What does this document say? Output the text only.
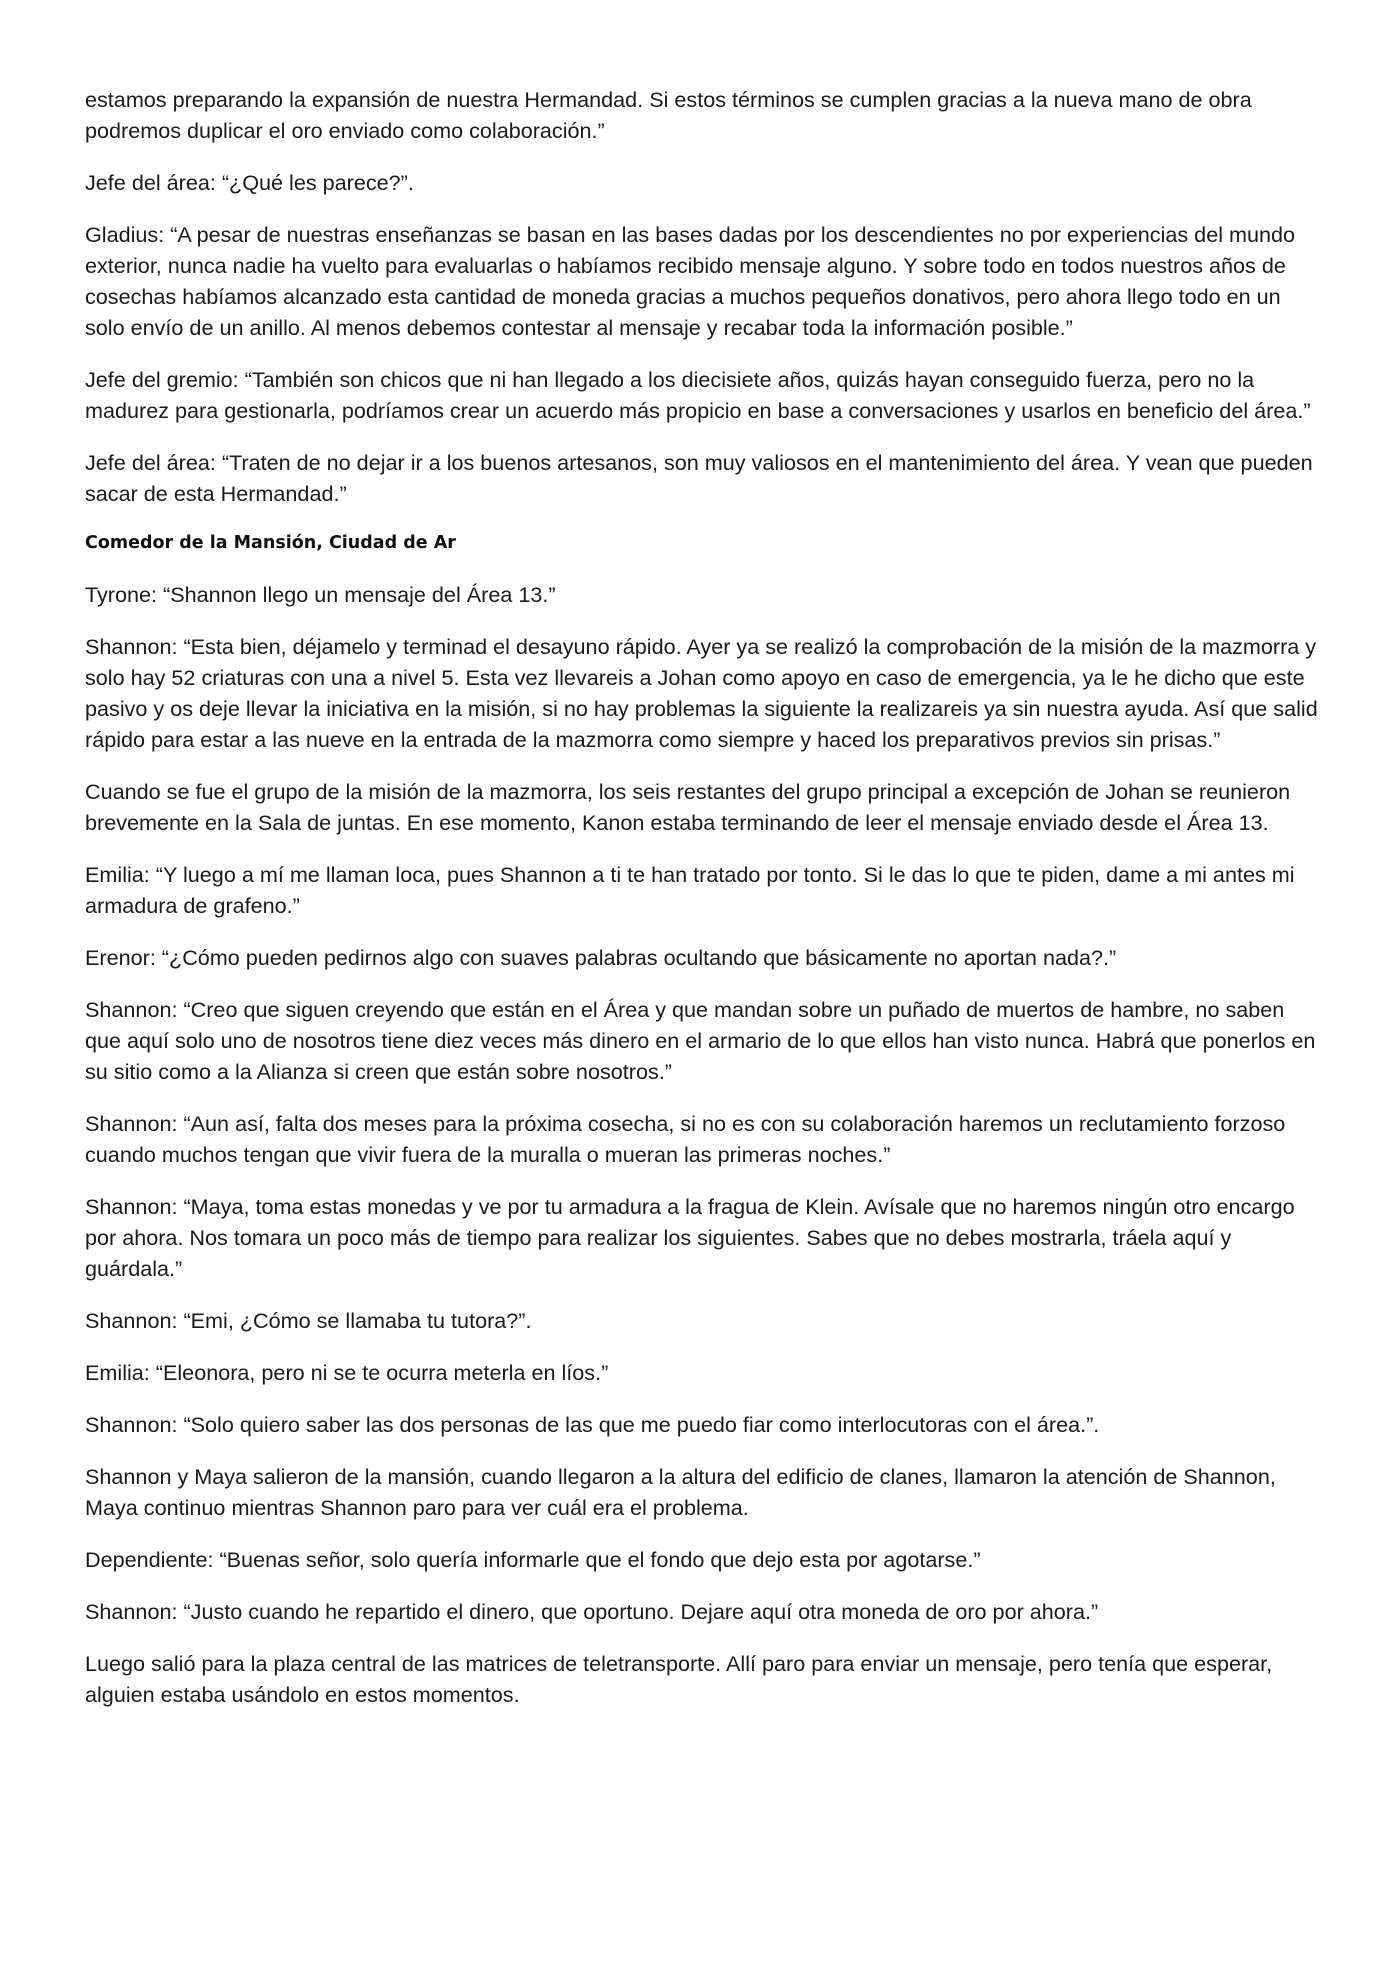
estamos preparando la expansión de nuestra Hermandad. Si estos términos se cumplen gracias a la nueva mano de obra podremos duplicar el oro enviado como colaboración.”

Jefe del área: “¿Qué les parece?”.

Gladius: “A pesar de nuestras enseñanzas se basan en las bases dadas por los descendientes no por experiencias del mundo exterior, nunca nadie ha vuelto para evaluarlas o habíamos recibido mensaje alguno. Y sobre todo en todos nuestros años de cosechas habíamos alcanzado esta cantidad de moneda gracias a muchos pequeños donativos, pero ahora llego todo en un solo envío de un anillo. Al menos debemos contestar al mensaje y recabar toda la información posible.”

Jefe del gremio: “También son chicos que ni han llegado a los diecisiete años, quizás hayan conseguido fuerza, pero no la madurez para gestionarla, podríamos crear un acuerdo más propicio en base a conversaciones y usarlos en beneficio del área.”

Jefe del área: “Traten de no dejar ir a los buenos artesanos, son muy valiosos en el mantenimiento del área. Y vean que pueden sacar de esta Hermandad.”

Comedor de la Mansión, Ciudad de Ar

Tyrone: “Shannon llego un mensaje del Área 13.”

Shannon: “Esta bien, déjamelo y terminad el desayuno rápido. Ayer ya se realizó la comprobación de la misión de la mazmorra y solo hay 52 criaturas con una a nivel 5. Esta vez llevareis a Johan como apoyo en caso de emergencia, ya le he dicho que este pasivo y os deje llevar la iniciativa en la misión, si no hay problemas la siguiente la realizareis ya sin nuestra ayuda. Así que salid rápido para estar a las nueve en la entrada de la mazmorra como siempre y haced los preparativos previos sin prisas.”

Cuando se fue el grupo de la misión de la mazmorra, los seis restantes del grupo principal a excepción de Johan se reunieron brevemente en la Sala de juntas. En ese momento, Kanon estaba terminando de leer el mensaje enviado desde el Área 13.

Emilia: “Y luego a mí me llaman loca, pues Shannon a ti te han tratado por tonto. Si le das lo que te piden, dame a mi antes mi armadura de grafeno.”

Erenor: “¿Cómo pueden pedirnos algo con suaves palabras ocultando que básicamente no aportan nada?.”

Shannon: “Creo que siguen creyendo que están en el Área y que mandan sobre un puñado de muertos de hambre, no saben que aquí solo uno de nosotros tiene diez veces más dinero en el armario de lo que ellos han visto nunca. Habrá que ponerlos en su sitio como a la Alianza si creen que están sobre nosotros.”

Shannon: “Aun así, falta dos meses para la próxima cosecha, si no es con su colaboración haremos un reclutamiento forzoso cuando muchos tengan que vivir fuera de la muralla o mueran las primeras noches.”

Shannon: “Maya, toma estas monedas y ve por tu armadura a la fragua de Klein. Avísale que no haremos ningún otro encargo por ahora. Nos tomara un poco más de tiempo para realizar los siguientes. Sabes que no debes mostrarla, tráela aquí y guárdala.”

Shannon: “Emi, ¿Cómo se llamaba tu tutora?”.

Emilia: “Eleonora, pero ni se te ocurra meterla en líos.”

Shannon: “Solo quiero saber las dos personas de las que me puedo fiar como interlocutoras con el área.”.

Shannon y Maya salieron de la mansión, cuando llegaron a la altura del edificio de clanes, llamaron la atención de Shannon, Maya continuo mientras Shannon paro para ver cuál era el problema.

Dependiente: “Buenas señor, solo quería informarle que el fondo que dejo esta por agotarse.”

Shannon: “Justo cuando he repartido el dinero, que oportuno. Dejare aquí otra moneda de oro por ahora.”

Luego salió para la plaza central de las matrices de teletransporte. Allí paro para enviar un mensaje, pero tenía que esperar, alguien estaba usándolo en estos momentos.
